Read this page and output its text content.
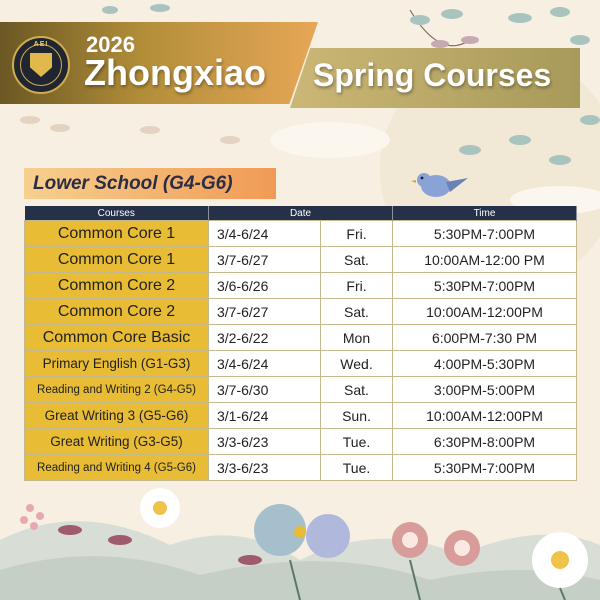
AEI	2026
Zhongxiao Spring Courses
Lower School (G4-G6)
Courses	Date		Time
Common Core 1	3/4-6/24	Fri.	5:30PM-7:00PM
Common Core 1	3/7-6/27	Sat.	10:00AM-12:00 PM
Common Core 2	3/6-6/26	Fri.	5:30PM-7:00PM
Common Core 2	3/7-6/27	Sat.	10:00AM-12:00PM
Common Core Basic	3/2-6/22	Mon	6:00PM-7:30 PM
Primary English (G1-G3)	3/4-6/24	Wed.	4:00PM-5:30PM
Reading and Writing 2 (G4-G5)	3/7-6/30	Sat.	3:00PM-5:00PM
Great Writing 3 (G5-G6)	3/1-6/24	Sun.	10:00AM-12:00PM
Great Writing (G3-G5)	3/3-6/23	Tue.	6:30PM-8:00PM
Reading and Writing 4 (G5-G6)	3/3-6/23	Tue.	5:30PM-7:00PM
